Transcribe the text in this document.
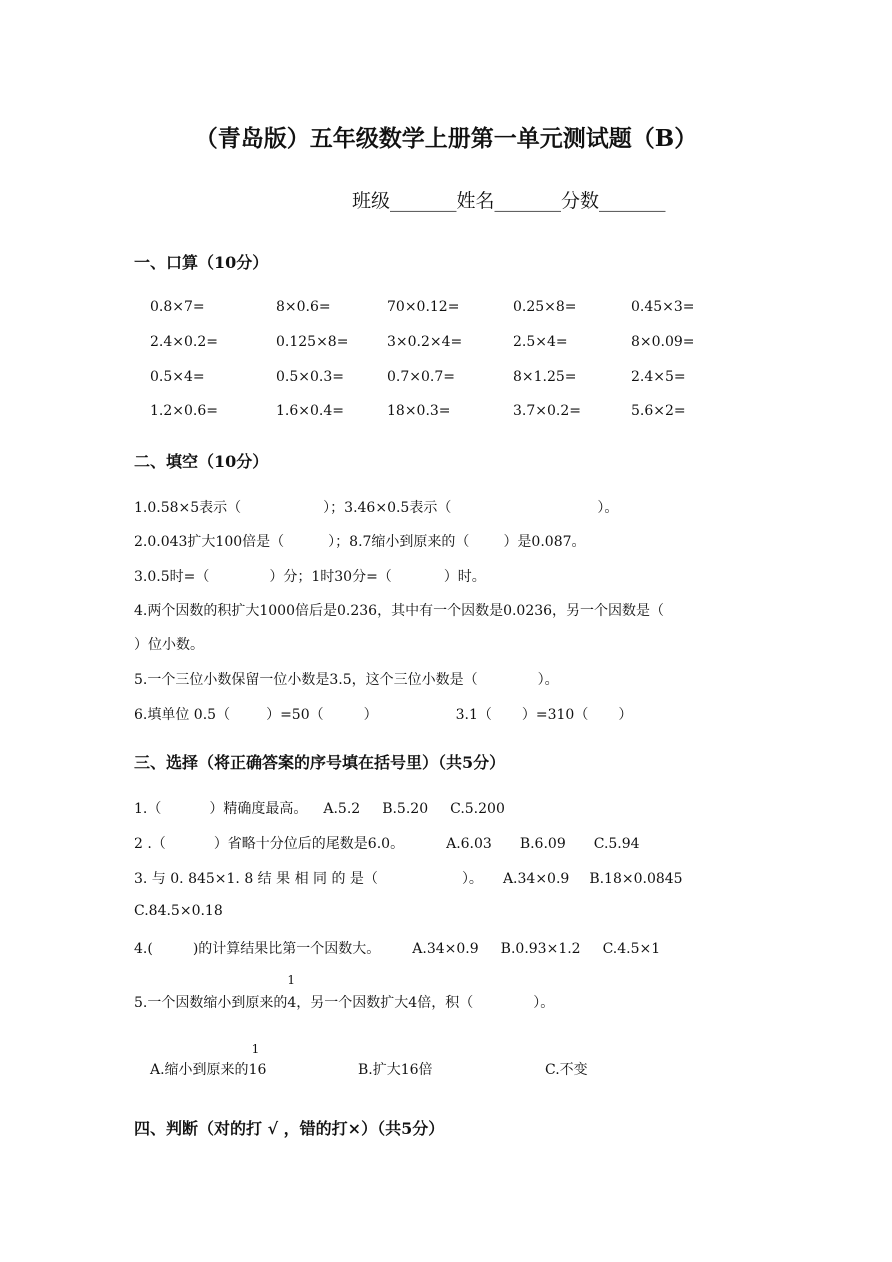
（青岛版）五年级数学上册第一单元测试题（B）
班级_______姓名_______分数_______
一、口算（10分）
0.8×7=	8×0.6=	70×0.12=	0.25×8=	0.45×3=
2.4×0.2=	0.125×8=	3×0.2×4=	2.5×4=	8×0.09=
0.5×4=	0.5×0.3=	0.7×0.7=	8×1.25=	2.4×5=
1.2×0.6=	1.6×0.4=	18×0.3=	3.7×0.2=	5.6×2=
二、填空（10分）
1.0.58×5表示（	）；3.46×0.5表示（	）。
2.0.043扩大100倍是（	）；8.7缩小到原来的（ ）是0.087。
3.0.5时=（	）分；1时30分=（	）时。
4.两个因数的积扩大1000倍后是0.236，其中有一个因数是0.0236，另一个因数是（
）位小数。
5.一个三位小数保留一位小数是3.5，这个三位小数是（	）。
6.填单位 0.5（	）=50（	）	3.1（ ）=310（ ）
三、选择（将正确答案的序号填在括号里）（共5分）
1.（	）精确度最高。 A.5.2 B.5.20 C.5.200
2 .（	）省略十分位后的尾数是6.0。	A.6.03 B.6.09 C.5.94
3. 与 0. 845×1. 8 结 果 相 同 的 是（	）。 A.34×0.9 B.18×0.0845
C.84.5×0.18
4.(	)的计算结果比第一个因数大。 A.34×0.9 B.0.93×1.2 C.4.5×1
5.一个因数缩小到原来的
1
4，另一个因数扩大4倍，积（	）。
A.缩小到原来的
1
16	B.扩大16倍	C.不变
四、判断（对的打 √ ，错的打×）（共5分）
